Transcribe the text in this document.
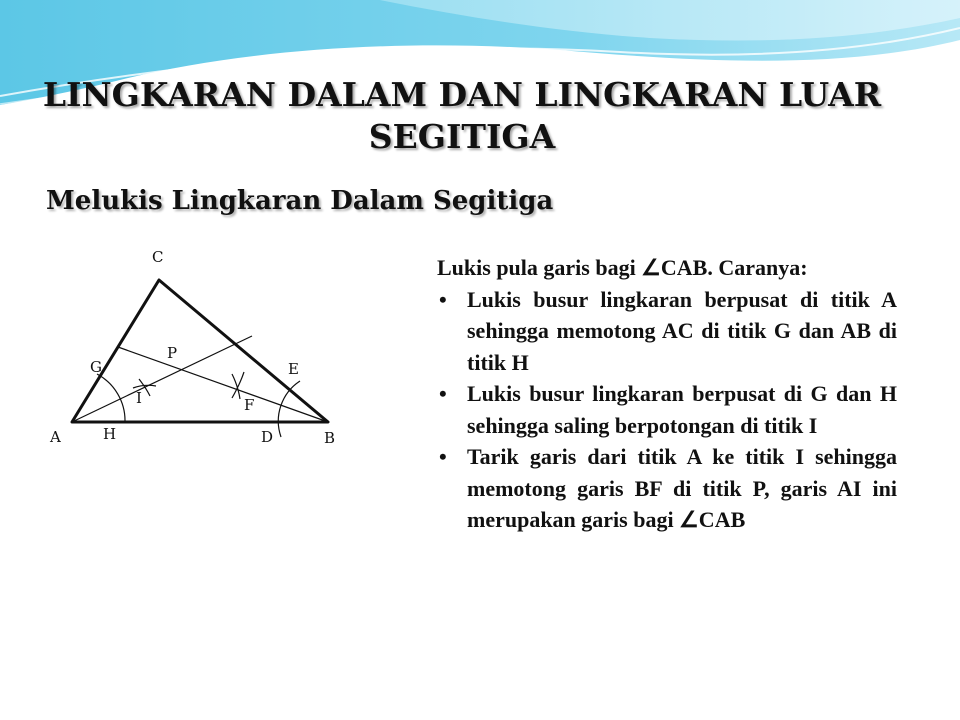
LINGKARAN DALAM DAN LINGKARAN LUAR
SEGITIGA
Melukis Lingkaran Dalam Segitiga
C
P
G	E
I	F
A	H	D	B

Lukis pula garis bagi ∠CAB. Caranya:

• Lukis busur lingkaran berpusat di titik A sehingga memotong AC di titik G dan AB di titik H
• Lukis busur lingkaran berpusat di G dan H sehingga saling berpotongan di titik I
• Tarik garis dari titik A ke titik I sehingga memotong garis BF di titik P, garis AI ini merupakan garis bagi ∠CAB
